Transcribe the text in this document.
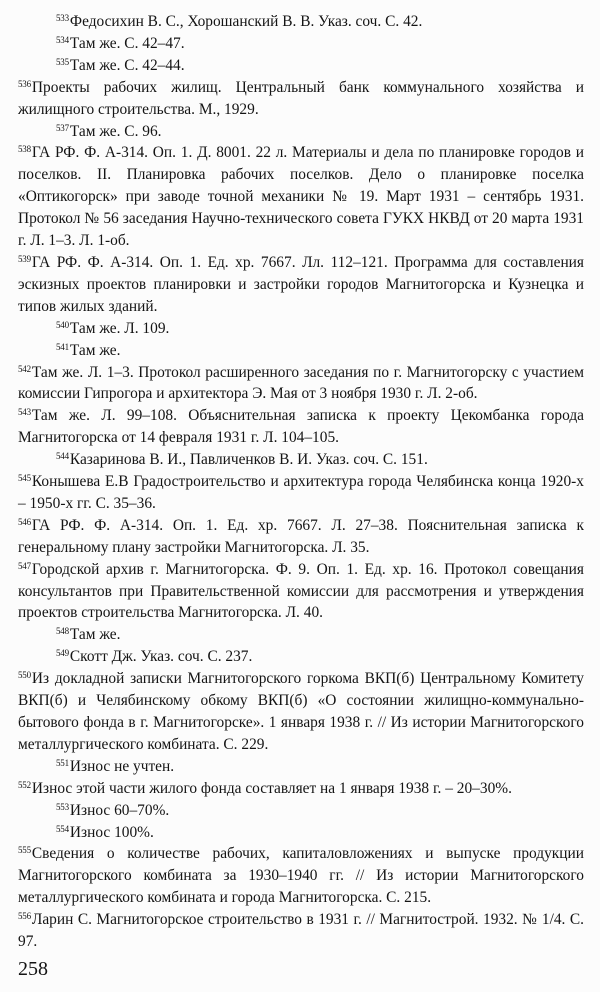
$^{533}$Федосихин В. С., Хорошанский В. В. Указ. соч. С. 42.

$^{534}$Там же. С. 42–47.

$^{535}$Там же. С. 42–44.

$^{536}$Проекты рабочих жилищ. Центральный банк коммунального хозяйства и жилищного строительства. М., 1929.

$^{537}$Там же. С. 96.

$^{538}$ГА РФ. Ф. А-314. Оп. 1. Д. 8001. 22 л. Материалы и дела по планировке городов и поселков. II. Планировка рабочих поселков. Дело о планировке поселка «Оптикогорск» при заводе точной механики № 19. Март 1931 – сентябрь 1931. Протокол № 56 заседания Научно-технического совета ГУКХ НКВД от 20 марта 1931 г. Л. 1–3. Л. 1-об.

$^{539}$ГА РФ. Ф. А-314. Оп. 1. Ед. хр. 7667. Лл. 112–121. Программа для составления эскизных проектов планировки и застройки городов Магнитогорска и Кузнецка и типов жилых зданий.

$^{540}$Там же. Л. 109.

$^{541}$Там же.

$^{542}$Там же. Л. 1–3. Протокол расширенного заседания по г. Магнитогорску с участием комиссии Гипрогора и архитектора Э. Мая от 3 ноября 1930 г. Л. 2-об.

$^{543}$Там же. Л. 99–108. Объяснительная записка к проекту Цекомбанка города Магнитогорска от 14 февраля 1931 г. Л. 104–105.

$^{544}$Казаринова В. И., Павличенков В. И. Указ. соч. С. 151.

$^{545}$Конышева Е.В Градостроительство и архитектура города Челябинска конца 1920-х – 1950-х гг. С. 35–36.

$^{546}$ГА РФ. Ф. А-314. Оп. 1. Ед. хр. 7667. Л. 27–38. Пояснительная записка к генеральному плану застройки Магнитогорска. Л. 35.

$^{547}$Городской архив г. Магнитогорска. Ф. 9. Оп. 1. Ед. хр. 16. Протокол совещания консультантов при Правительственной комиссии для рассмотрения и утверждения проектов строительства Магнитогорска. Л. 40.

$^{548}$Там же.

$^{549}$Скотт Дж. Указ. соч. С. 237.

$^{550}$Из докладной записки Магнитогорского горкома ВКП(б) Центральному Комитету ВКП(б) и Челябинскому обкому ВКП(б) «О состоянии жилищно-коммунально-бытового фонда в г. Магнитогорске». 1 января 1938 г. // Из истории Магнитогорского металлургического комбината. С. 229.

$^{551}$Износ не учтен.

$^{552}$Износ этой части жилого фонда составляет на 1 января 1938 г. – 20–30%.

$^{553}$Износ 60–70%.

$^{554}$Износ 100%.

$^{555}$Сведения о количестве рабочих, капиталовложениях и выпуске продукции Магнитогорского комбината за 1930–1940 гг. // Из истории Магнитогорского металлургического комбината и города Магнитогорска. С. 215.

$^{556}$Ларин С. Магнитогорское строительство в 1931 г. // Магнитострой. 1932. № 1/4. С. 97.

258
